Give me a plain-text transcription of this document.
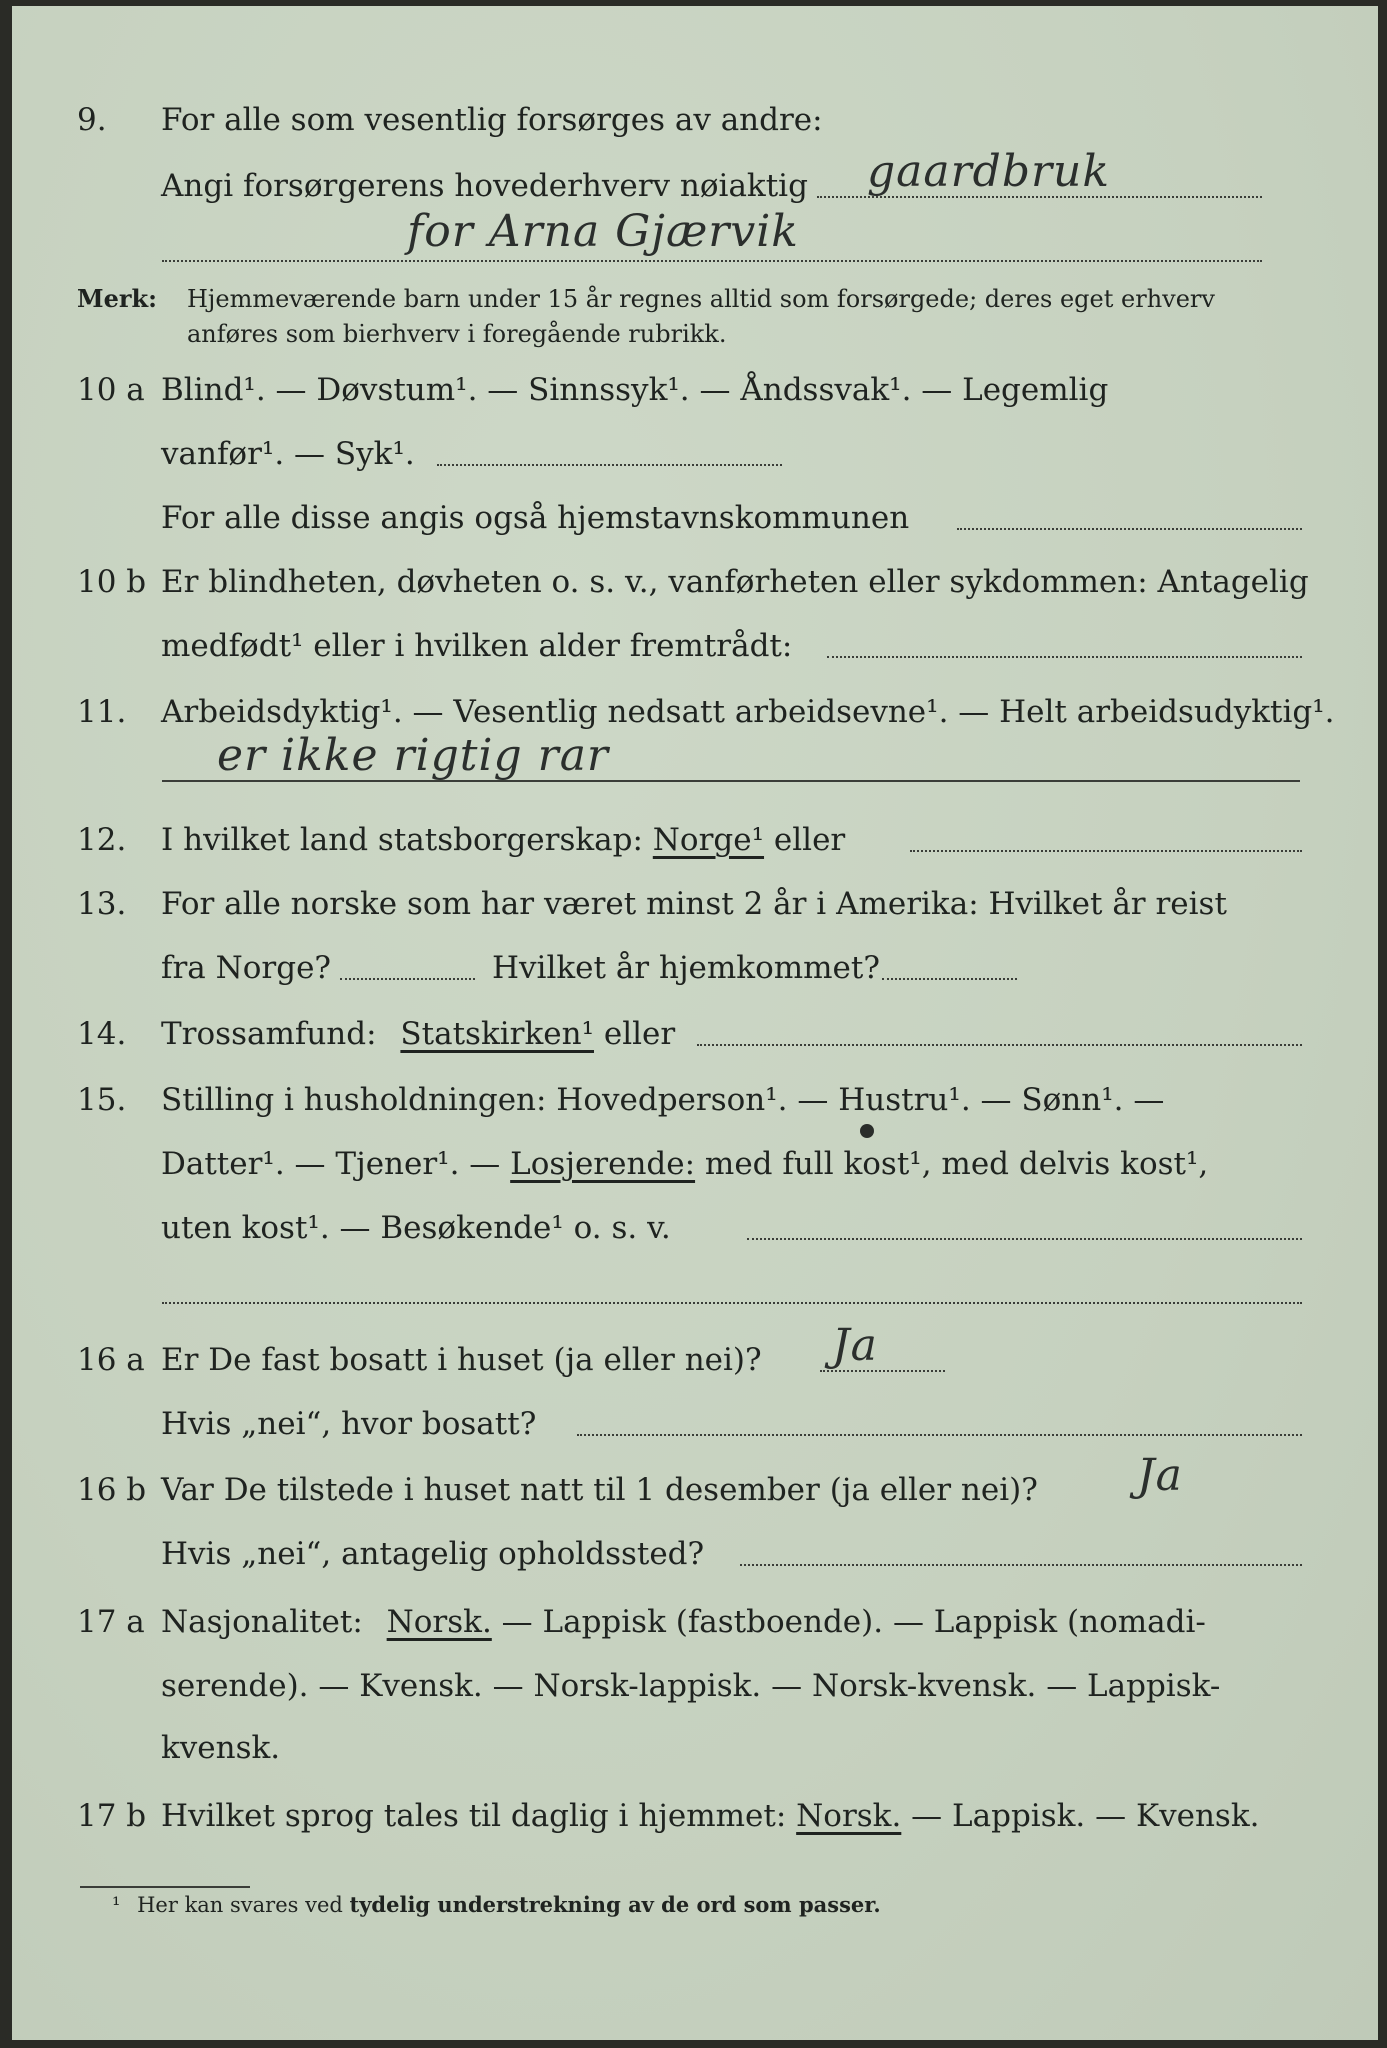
9. For alle som vesentlig forsørges av andre:
Angi forsørgerens hovederhverv nøiaktig gaardbruk
for Arna Gjærvik
Merk: Hjemmeværende barn under 15 år regnes alltid som forsørgede; deres eget erhverv
anføres som bierhverv i foregående rubrikk.
10 a Blind¹. — Døvstum¹. — Sinnssyk¹. — Åndssvak¹. — Legemlig
vanfør¹. — Syk¹.
For alle disse angis også hjemstavnskommunen
10 b Er blindheten, døvheten o. s. v., vanførheten eller sykdommen: Antagelig
medfødt¹ eller i hvilken alder fremtrådt:
11. Arbeidsdyktig¹. — Vesentlig nedsatt arbeidsevne¹. — Helt arbeidsudyktig¹.
er ikke rigtig rar
12. I hvilket land statsborgerskap: Norge¹ eller
13. For alle norske som har været minst 2 år i Amerika: Hvilket år reist
fra Norge?	Hvilket år hjemkommet?
14. Trossamfund: Statskirken¹ eller
15. Stilling i husholdningen: Hovedperson¹. — Hustru¹. — Sønn¹. —
Datter¹. — Tjener¹. — Losjerende: med full kost¹, med delvis kost¹,
uten kost¹. — Besøkende¹ o. s. v.
16 a Er De fast bosatt i huset (ja eller nei)? Ja
Hvis „nei“, hvor bosatt?
16 b Var De tilstede i huset natt til 1 desember (ja eller nei)? Ja
Hvis „nei“, antagelig opholdssted?
17 a Nasjonalitet: Norsk. — Lappisk (fastboende). — Lappisk (nomadi-
serende). — Kvensk. — Norsk-lappisk. — Norsk-kvensk. — Lappisk-
kvensk.
17 b Hvilket sprog tales til daglig i hjemmet: Norsk. — Lappisk. — Kvensk.
¹ Her kan svares ved tydelig understrekning av de ord som passer.
